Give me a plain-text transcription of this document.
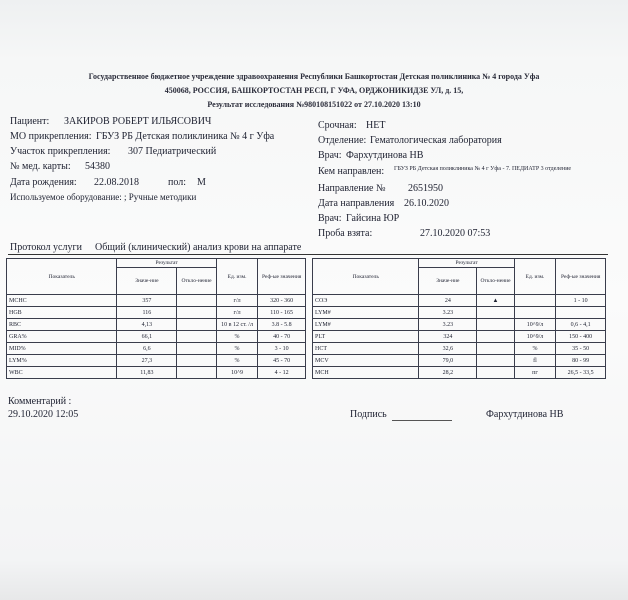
Государственное бюджетное учреждение здравоохранения Республики Башкортостан Детская поликлиника № 4 города Уфа
450068, РОССИЯ, БАШКОРТОСТАН РЕСП, Г УФА, ОРДЖОНИКИДЗЕ УЛ, д. 15,
Результат исследования №980108151022 от 27.10.2020 13:10
Пациент: ЗАКИРОВ РОБЕРТ ИЛЬЯСОВИЧ
МО прикрепления: ГБУЗ РБ Детская поликлиника № 4 г Уфа
Участок прикрепления: 307 Педиатрический
№ мед. карты: 54380
Дата рождения: 22.08.2018	пол: М
Используемое оборудование: ; Ручные методики
Срочная: НЕТ
Отделение: Гематологическая лаборатория
Врач: Фархутдинова НВ
Кем направлен: ГБУЗ РБ Детская поликлиника № 4 г Уфа - 7. ПЕДИАТР 3 отделение
Направление № 2651950
Дата направления 26.10.2020
Врач: Гайсина ЮР
Проба взята:	27.10.2020 07:53
Протокол услуги Общий (клинический) анализ крови на аппарате
Показатель	Результат		Ед. изм.	Реф-ые значения
	Значе-ние	Откло-нение		
MCHC	357		г/л	320 - 360
HGB	116		г/л	110 - 165
RBC	4,13		10 в 12 ст. /л	3.8 - 5.8
GRA%	66,1		%	40 - 70
MID%	6,6		%	3 - 10
LYM%	27,3		%	45 - 70
WBC	11,83		10^9	4 - 12
Показатель	Результат		Ед. изм.	Реф-ые значения
	Значе-ние	Откло-нение		
СОЭ	24	▲		1 - 10
LYM#	3.23			
LYM#	3.23		10^9/л	0,6 - 4,1
PLT	324		10^9/л	150 - 400
HCT	32,6		%	35 - 50
MCV	79,0		fl	80 - 99
MCH	28,2		пг	26,5 - 33,5
Комментарий :
29.10.2020 12:05	Подпись	Фархутдинова НВ
